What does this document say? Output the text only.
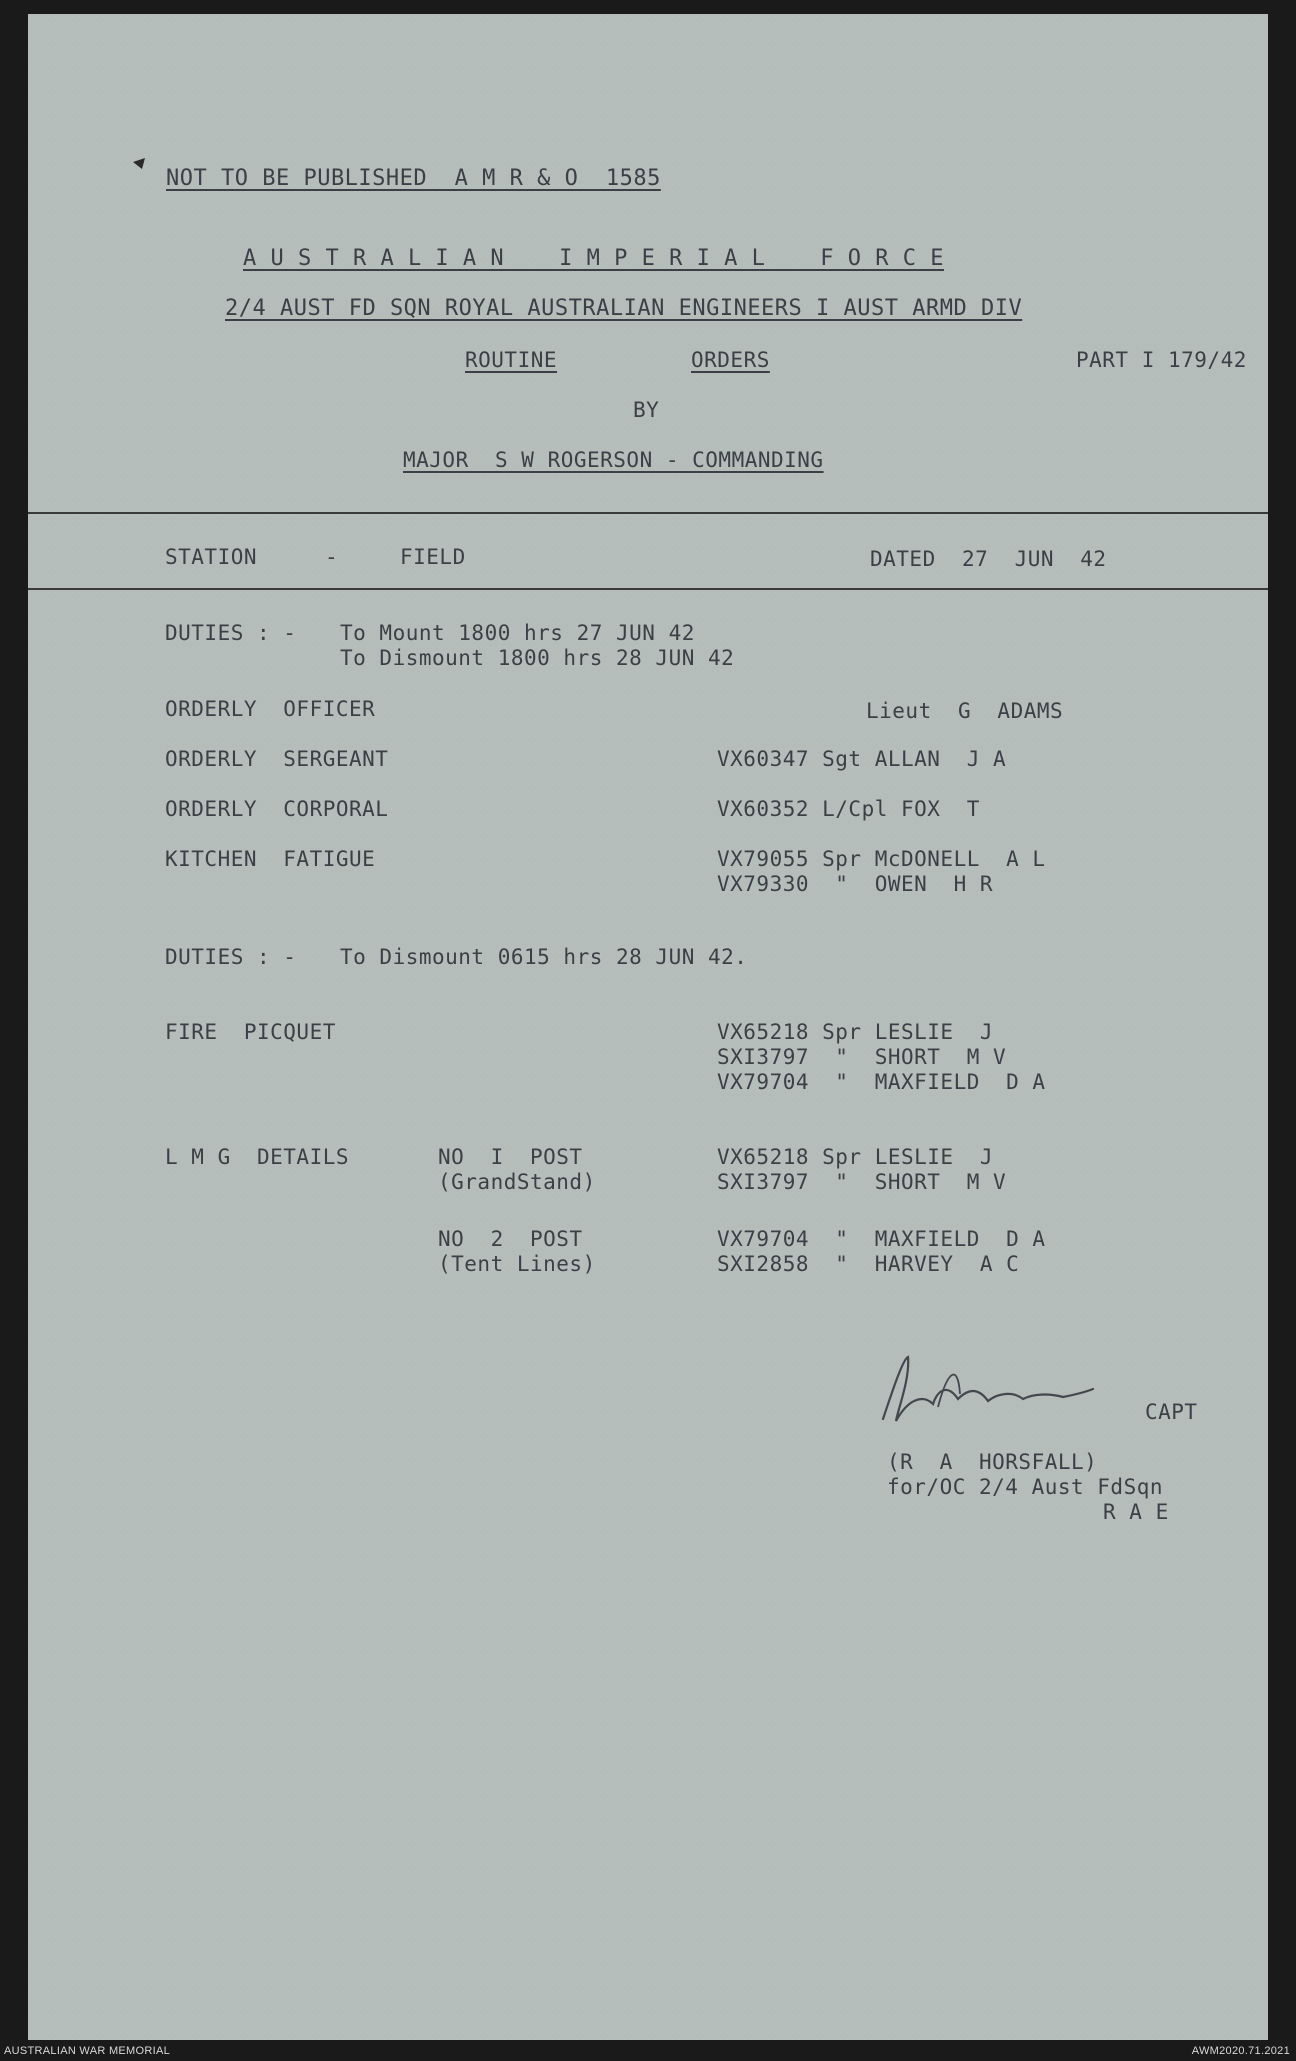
NOT TO BE PUBLISHED  A M R & O  1585
A U S T R A L I A N    I M P E R I A L    F O R C E
2/4 AUST FD SQN ROYAL AUSTRALIAN ENGINEERS I AUST ARMD DIV
ROUTINE	ORDERS	PART I 179/42
BY
MAJOR  S W ROGERSON - COMMANDING
STATION	-	FIELD	DATED  27  JUN  42
DUTIES : - To Mount 1800 hrs 27 JUN 42
To Dismount 1800 hrs 28 JUN 42
ORDERLY  OFFICER	Lieut  G  ADAMS
ORDERLY  SERGEANT	VX60347 Sgt ALLAN  J A
ORDERLY  CORPORAL	VX60352 L/Cpl FOX  T
KITCHEN  FATIGUE	VX79055 Spr McDONELL  A L
VX79330  "  OWEN  H R
DUTIES : - To Dismount 0615 hrs 28 JUN 42.
FIRE  PICQUET	VX65218 Spr LESLIE  J
SXI3797  "  SHORT  M V
VX79704  "  MAXFIELD  D A
L M G  DETAILS	NO  I  POST
(GrandStand)
VX65218 Spr LESLIE  J
SXI3797  "  SHORT  M V
NO  2  POST
(Tent Lines)
VX79704  "  MAXFIELD  D A
SXI2858  "  HARVEY  A C
CAPT
(R  A  HORSFALL)
for/OC 2/4 Aust FdSqn
R A E
AUSTRALIAN WAR MEMORIAL	AWM2020.71.2021
